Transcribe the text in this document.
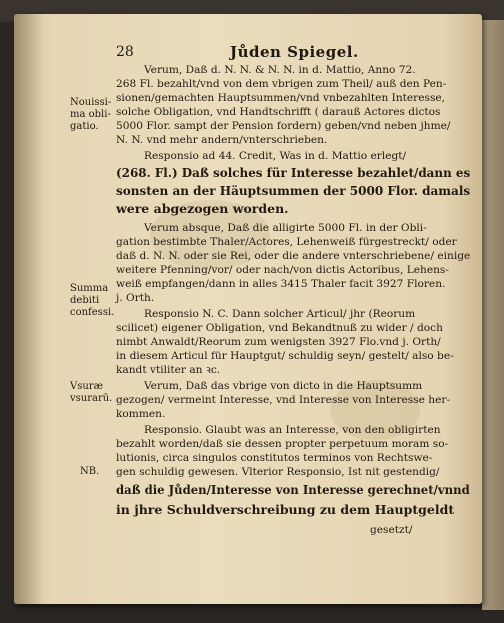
28	Jůden Spiegel.
Nouissi-
ma obli-
gatio.
Summa
debiti
confessi.
Vsuræ
vsurarū.
NB.
Verum, Daß d. N. N. & N. N. in d. Mattio, Anno 72.
268 Fl. bezahlt/vnd von dem vbrigen zum Theil/ auß den Pen-
sionen/gemachten Hauptsummen/vnd vnbezahlten Interesse,
solche Obligation, vnd Handtschrifft ( darauß Actores dictos
5000 Flor. sampt der Pension fordern) geben/vnd neben jhme/
N. N. vnd mehr andern/vnterschrieben.
Responsio ad 44. Credit, Was in d. Mattio erlegt/
(268. Fl.) Daß solches für Interesse bezahlet/dann es
sonsten an der Häuptsummen der 5000 Flor. damals
were abgezogen worden.
Verum absque, Daß die alligirte 5000 Fl. in der Obli-
gation bestimbte Thaler/Actores, Lehenweiß fürgestreckt/ oder
daß d. N. N. oder sie Rei, oder die andere vnterschriebene/ einige
weitere Pfenning/vor/ oder nach/von dictis Actoribus, Lehens-
weiß empfangen/dann in alles 3415 Thaler facit 3927 Floren.
j. Orth.
Responsio N. C. Dann solcher Articul/ jhr (Reorum
scilicet) eigener Obligation, vnd Bekandtnuß zu wider / doch
nimbt Anwaldt/Reorum zum wenigsten 3927 Flo.vnd j. Orth/
in diesem Articul für Hauptgut/ schuldig seyn/ gestelt/ also be-
kandt vtiliter an ꝛc.
Verum, Daß das vbrige von dicto in die Hauptsumm
gezogen/ vermeint Interesse, vnd Interesse von Interesse her-
kommen.
Responsio. Glaubt was an Interesse, von den obligirten
bezahlt worden/daß sie dessen propter perpetuum moram so-
lutionis, circa singulos constitutos terminos von Rechtswe-
gen schuldig gewesen. Vlterior Responsio, Ist nit gestendig/
daß die Jůden/Interesse von Interesse gerechnet/vnnd
in jhre Schuldverschreibung zu dem Hauptgeldt
gesetzt/
